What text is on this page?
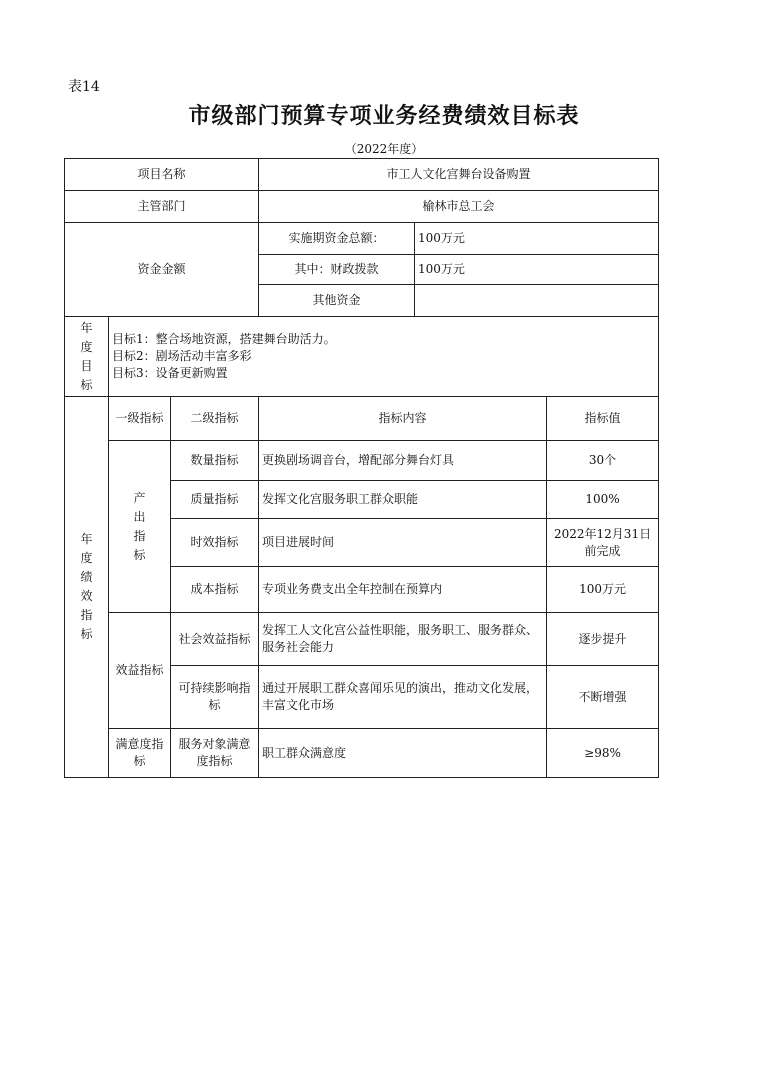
表14
市级部门预算专项业务经费绩效目标表
（2022年度）
项目名称			市工人文化宫舞台设备购置		
主管部门			榆林市总工会		
资金金额			实施期资金总额：	100万元	
			其中：财政拨款	100万元	
			其他资金		
年度目标	目标1：整合场地资源，搭建舞台助活力。
目标2：剧场活动丰富多彩
目标3：设备更新购置				

年度绩效指标	一级指标	二级指标	指标内容		指标值
	产出指标	数量指标	更换剧场调音台，增配部分舞台灯具		30个
		质量指标	发挥文化宫服务职工群众职能		100%
		时效指标	项目进展时间		2022年12月31日前完成
		成本指标	专项业务费支出全年控制在预算内		100万元
	效益指标	社会效益指标	发挥工人文化宫公益性职能，服务职工、服务群众、服务社会能力		逐步提升
		可持续影响指标	通过开展职工群众喜闻乐见的演出，推动文化发展，丰富文化市场		不断增强
	满意度指标	服务对象满意度指标	职工群众满意度		≥98%
